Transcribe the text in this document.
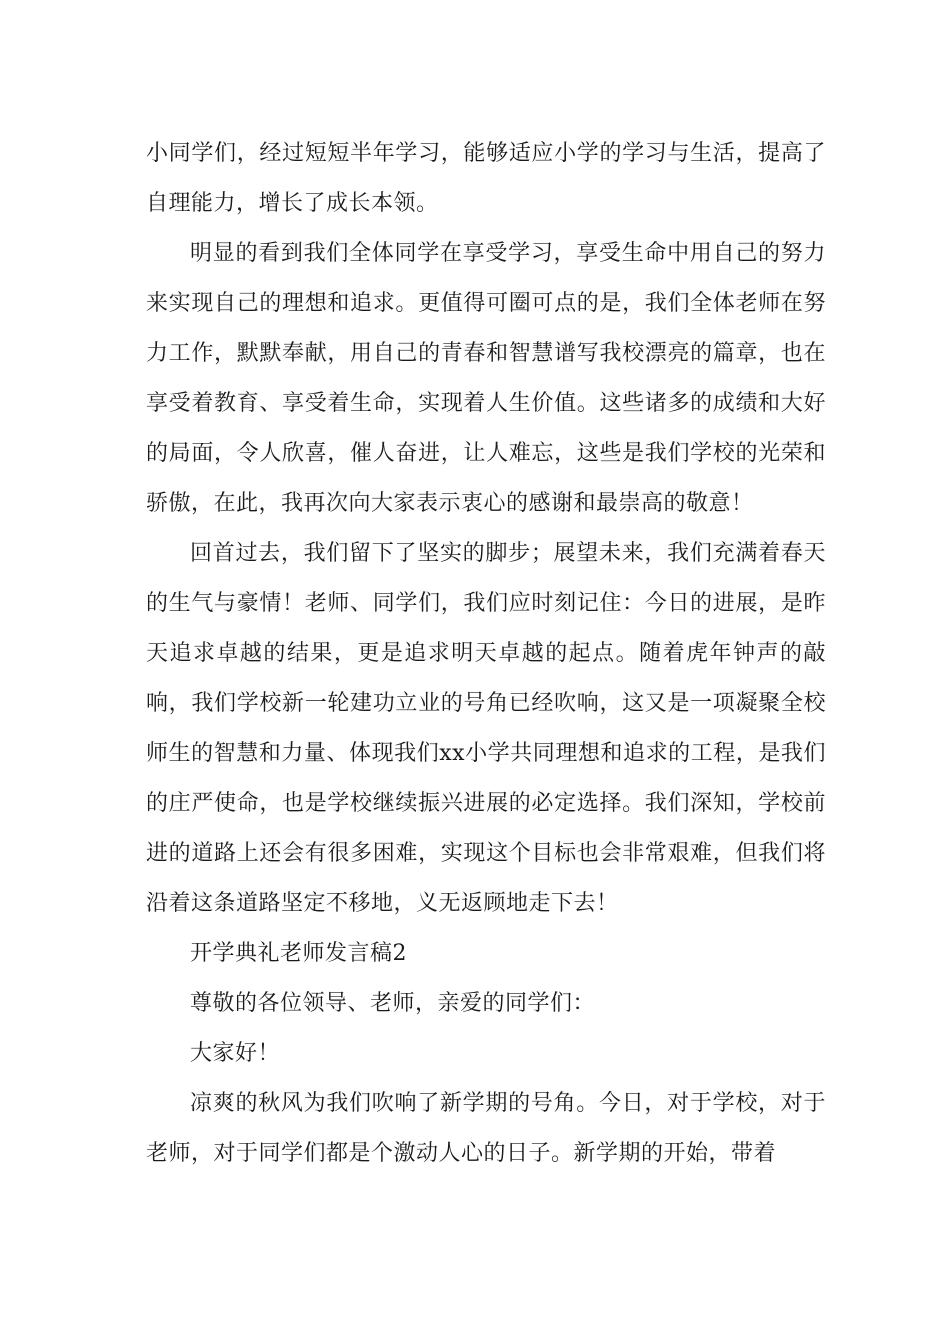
小同学们，经过短短半年学习，能够适应小学的学习与生活，提高了自理能力，增长了成长本领。

明显的看到我们全体同学在享受学习，享受生命中用自己的努力来实现自己的理想和追求。更值得可圈可点的是，我们全体老师在努力工作，默默奉献，用自己的青春和智慧谱写我校漂亮的篇章，也在享受着教育、享受着生命，实现着人生价值。这些诸多的成绩和大好的局面，令人欣喜，催人奋进，让人难忘，这些是我们学校的光荣和骄傲，在此，我再次向大家表示衷心的感谢和最崇高的敬意！

回首过去，我们留下了坚实的脚步；展望未来，我们充满着春天的生气与豪情！老师、同学们，我们应时刻记住：今日的进展，是昨天追求卓越的结果，更是追求明天卓越的起点。随着虎年钟声的敲响，我们学校新一轮建功立业的号角已经吹响，这又是一项凝聚全校师生的智慧和力量、体现我们xx小学共同理想和追求的工程，是我们的庄严使命，也是学校继续振兴进展的必定选择。我们深知，学校前进的道路上还会有很多困难，实现这个目标也会非常艰难，但我们将沿着这条道路坚定不移地，义无返顾地走下去！

开学典礼老师发言稿2

尊敬的各位领导、老师，亲爱的同学们：

大家好！

凉爽的秋风为我们吹响了新学期的号角。今日，对于学校，对于老师，对于同学们都是个激动人心的日子。新学期的开始，带着
